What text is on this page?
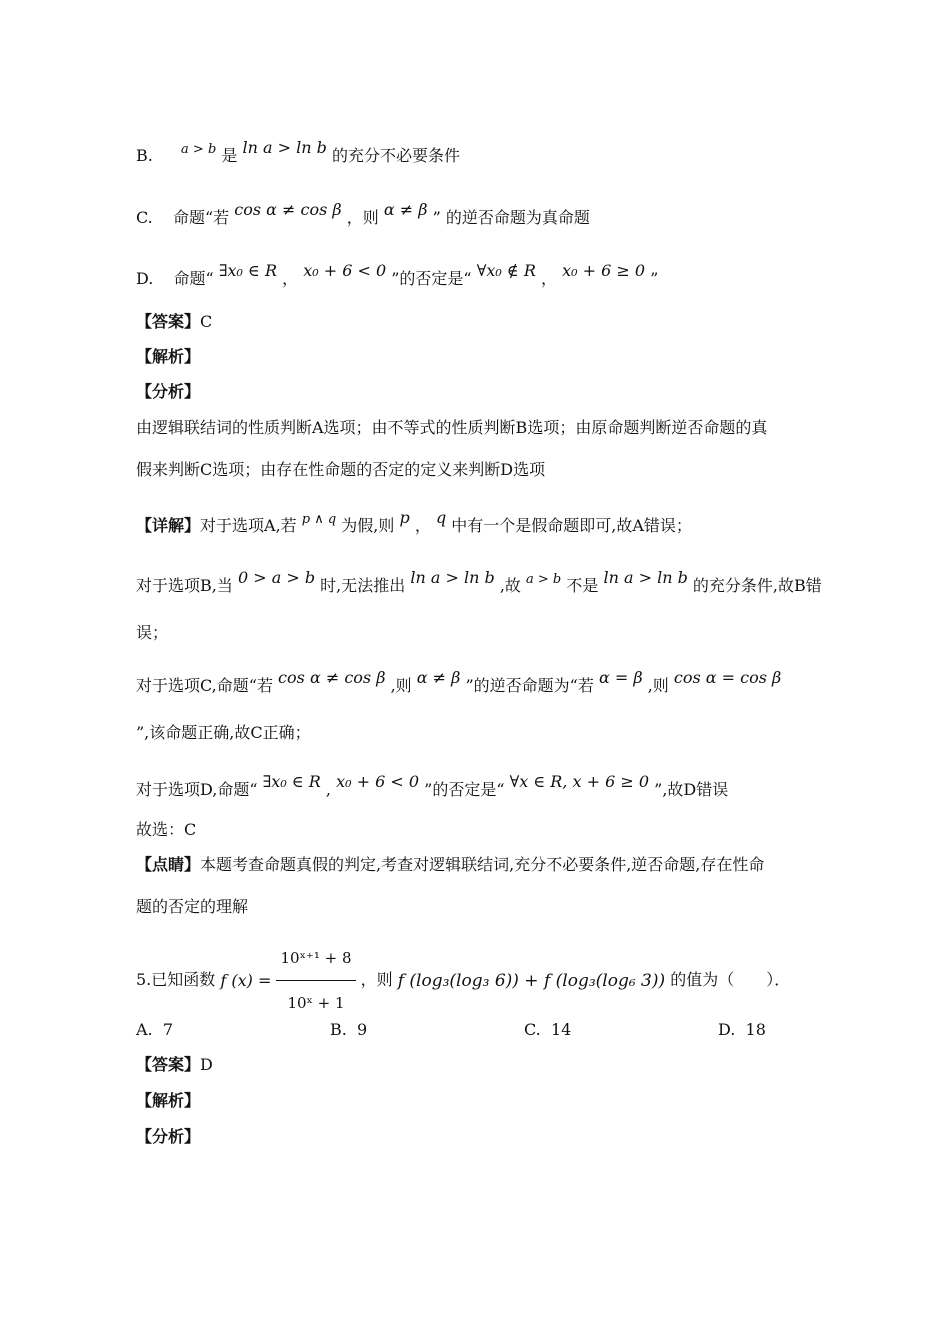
B. a > b 是 ln a > ln b 的充分不必要条件
C. 命题“若 cos α ≠ cos β ，则 α ≠ β ” 的逆否命题为真命题
D. 命题“ ∃x₀ ∈ R ， x₀ + 6 < 0 ”的否定是“ ∀x₀ ∉ R ， x₀ + 6 ≥ 0 ”
【答案】C
【解析】
【分析】
由逻辑联结词的性质判断A选项；由不等式的性质判断B选项；由原命题判断逆否命题的真
假来判断C选项；由存在性命题的否定的定义来判断D选项
【详解】对于选项A,若 p ∧ q 为假,则 p ， q 中有一个是假命题即可,故A错误；
对于选项B,当 0 > a > b 时,无法推出 ln a > ln b ,故 a > b 不是 ln a > ln b 的充分条件,故B错
误；
对于选项C,命题“若 cos α ≠ cos β ,则 α ≠ β ”的逆否命题为“若 α = β ,则 cos α = cos β
”,该命题正确,故C正确；
对于选项D,命题“ ∃x₀ ∈ R , x₀ + 6 < 0 ”的否定是“ ∀x ∈ R, x + 6 ≥ 0 ”,故D错误
故选：C
【点睛】本题考查命题真假的判定,考查对逻辑联结词,充分不必要条件,逆否命题,存在性命
题的否定的理解
5.已知函数 f $(x) = \frac{\text{10ˣ⁺¹ + 8}}{\text{10ˣ + 1}}$ ，则 f (log₃(log₃ 6)) + f (log₃(log₆ 3)) 的值为（　　）．
A. 7	B. 9	C. 14	D. 18
【答案】D
【解析】
【分析】
